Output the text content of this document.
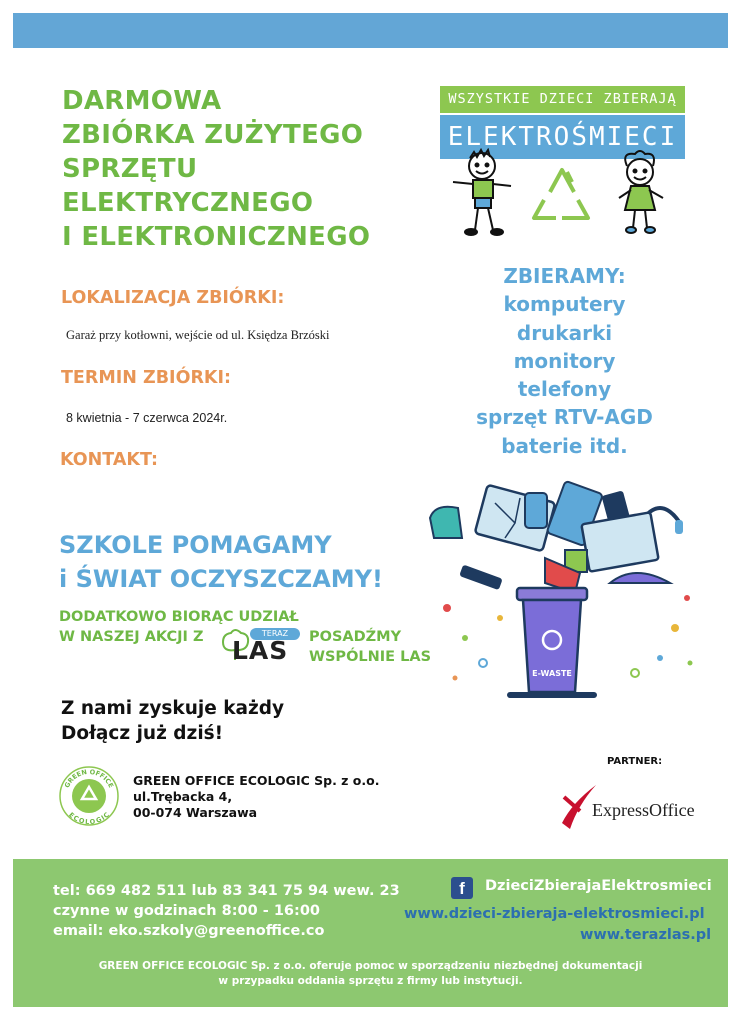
DARMOWA
ZBIÓRKA ZUŻYTEGO
SPRZĘTU
ELEKTRYCZNEGO
I ELEKTRONICZNEGO
LOKALIZACJA ZBIÓRKI:
Garaż przy kotłowni, wejście od ul. Księdza Brzóski
TERMIN ZBIÓRKI:
8 kwietnia - 7 czerwca 2024r.
KONTAKT:
WSZYSTKIE DZIECI ZBIERAJĄ
ELEKTROŚMIECI
ZBIERAMY:
komputery
drukarki
monitory
telefony
sprzęt RTV-AGD
baterie itd.
SZKOLE POMAGAMY
i ŚWIAT OCZYSZCZAMY!
DODATKOWO BIORĄC UDZIAŁ
W NASZEJ AKCJI Z	TERAZ
LAS POSADŹMY
WSPÓLNIE LAS
E-WASTE
Z nami zyskuje każdy
Dołącz już dziś!
GREEN OFFICE
ECOLOGIC
GREEN OFFICE ECOLOGIC Sp. z o.o.
ul.Trębacka 4,
00-074 Warszawa
PARTNER:
ExpressOffice
tel: 669 482 511 lub 83 341 75 94 wew. 23
czynne w godzinach 8:00 - 16:00
email: eko.szkoly@greenoffice.co
f	DzieciZbierajaElektrosmieci
www.dzieci-zbieraja-elektrosmieci.pl
www.terazlas.pl
GREEN OFFICE ECOLOGIC Sp. z o.o. oferuje pomoc w sporządzeniu niezbędnej dokumentacji
w przypadku oddania sprzętu z firmy lub instytucji.
